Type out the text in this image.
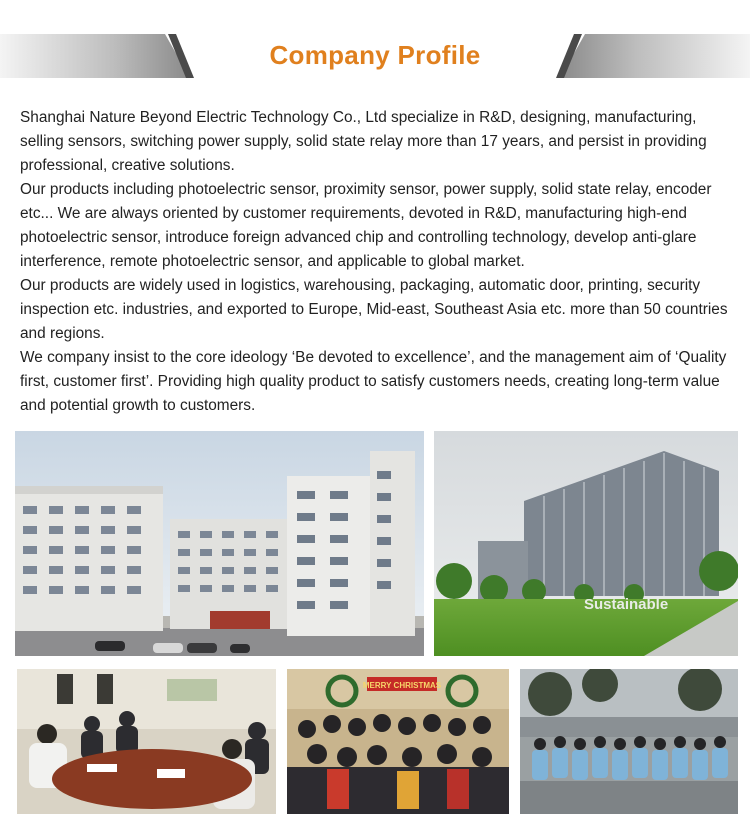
Company Profile

Shanghai Nature Beyond Electric Technology Co., Ltd specialize in R&D, designing, manufacturing, selling sensors, switching power supply, solid state relay more than 17 years, and persist in providing professional, creative solutions.

Our products including photoelectric sensor, proximity sensor, power supply, solid state relay, encoder etc... We are always oriented by customer requirements, devoted in R&D, manufacturing high-end photoelectric sensor, introduce foreign advanced chip and controlling technology, develop anti-glare interference, remote photoelectric sensor, and applicable to global market.

Our products are widely used in logistics, warehousing, packaging, automatic door, printing, security inspection etc. industries, and exported to Europe, Mid-east, Southeast Asia etc. more than 50 countries and regions.

We company insist to the core ideology ‘Be devoted to excellence’, and the management aim of ‘Quality first, customer first’. Providing high quality product to satisfy customers needs, creating long-term value and potential growth to customers.

Sustainable
MERRY CHRISTMAS
